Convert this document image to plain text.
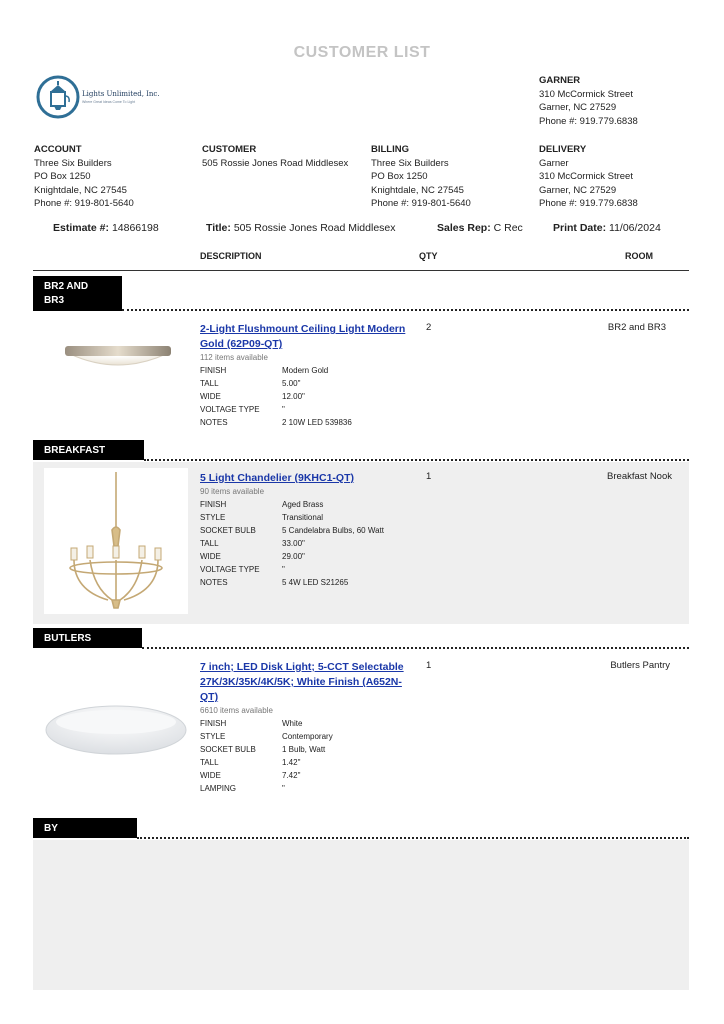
CUSTOMER LIST
Lights Unlimited, Inc.
Where Great Ideas Come To Light
GARNER
310 McCormick Street
Garner, NC 27529
Phone #: 919.779.6838
ACCOUNT
Three Six Builders
PO Box 1250
Knightdale, NC 27545
Phone #: 919-801-5640
CUSTOMER
505 Rossie Jones Road Middlesex
BILLING
Three Six Builders
PO Box 1250
Knightdale, NC 27545
Phone #: 919-801-5640
DELIVERY
Garner
310 McCormick Street
Garner, NC 27529
Phone #: 919.779.6838
Estimate #: 14866198	Title: 505 Rossie Jones Road Middlesex	Sales Rep: C Rec	Print Date: 11/06/2024
DESCRIPTION	QTY	ROOM
BR2 AND
BR3
2-Light Flushmount Ceiling Light Modern Gold (62P09-QT)
112 items available
FINISH	Modern Gold
TALL	5.00"
WIDE	12.00"
VOLTAGE TYPE	"
NOTES	2 10W LED 539836
2	BR2 and BR3
BREAKFAST
5 Light Chandelier (9KHC1-QT)
90 items available
FINISH	Aged Brass
STYLE	Transitional
SOCKET BULB	5 Candelabra Bulbs, 60 Watt
TALL	33.00"
WIDE	29.00"
VOLTAGE TYPE	"
NOTES	5 4W LED S21265
1	Breakfast Nook
BUTLERS PANTRY
7 inch; LED Disk Light; 5-CCT Selectable 27K/3K/35K/4K/5K; White Finish (A652N-QT)
6610 items available
FINISH	White
STYLE	Contemporary
SOCKET BULB	1 Bulb, Watt
TALL	1.42"
WIDE	7.42"
LAMPING	"
1	Butlers Pantry
BY
